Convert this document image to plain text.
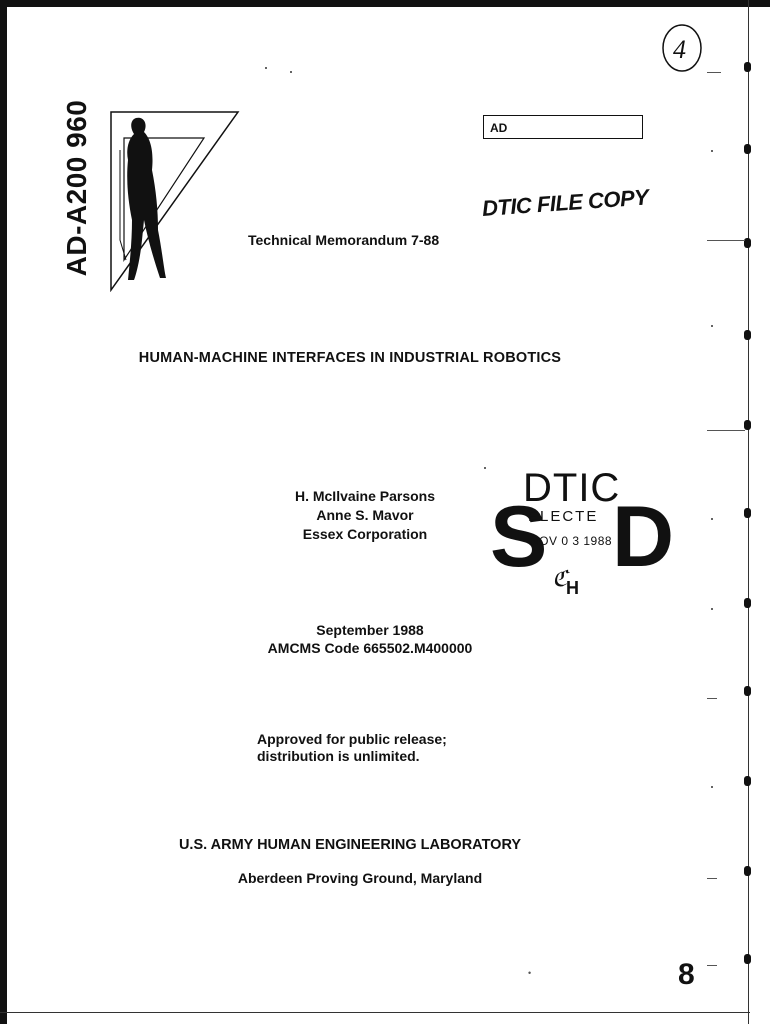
AD-A200 960	AD
4
Technical Memorandum 7-88
DTIC FILE COPY
HUMAN-MACHINE INTERFACES IN INDUSTRIAL ROBOTICS
H. McIlvaine Parsons
Anne S. Mavor
Essex Corporation
DTIC
S
ELECTE
NOV 0 3 1988 D
ℭ
H
September 1988
AMCMS Code 665502.M400000
Approved for public release;
distribution is unlimited.
U.S. ARMY HUMAN ENGINEERING LABORATORY
Aberdeen Proving Ground, Maryland
•	8
